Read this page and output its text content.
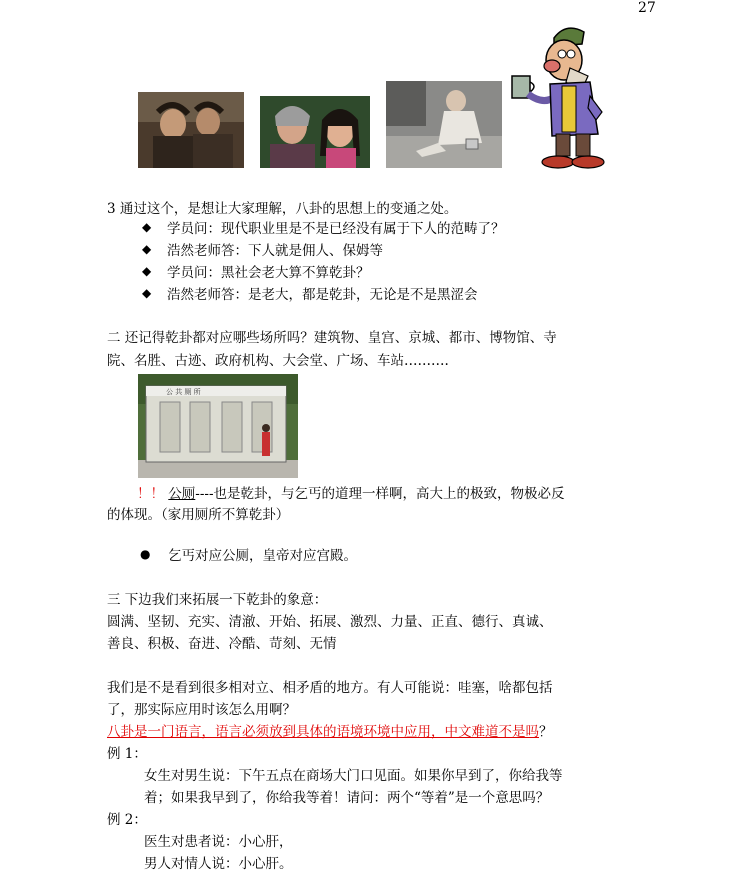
27
3 通过这个，是想让大家理解，八卦的思想上的变通之处。
◆	学员问：现代职业里是不是已经没有属于下人的范畴了？
◆	浩然老师答：下人就是佣人、保姆等
◆	学员问：黑社会老大算不算乾卦？
◆	浩然老师答：是老大，都是乾卦，无论是不是黑涩会
二 还记得乾卦都对应哪些场所吗？建筑物、皇宫、京城、都市、博物馆、寺
院、名胜、古迹、政府机构、大会堂、广场、车站……….
公 共 厕 所
！！ 公厕----也是乾卦，与乞丐的道理一样啊，高大上的极致，物极必反
的体现。（家用厕所不算乾卦）
● 乞丐对应公厕，皇帝对应宫殿。
三 下边我们来拓展一下乾卦的象意：
圆满、坚韧、充实、清澈、开始、拓展、激烈、力量、正直、德行、真诚、
善良、积极、奋进、冷酷、苛刻、无情
我们是不是看到很多相对立、相矛盾的地方。有人可能说：哇塞，啥都包括
了，那实际应用时该怎么用啊？
八卦是一门语言，语言必须放到具体的语境环境中应用，中文难道不是吗？
例 1：
女生对男生说：下午五点在商场大门口见面。如果你早到了，你给我等
着；如果我早到了，你给我等着！请问：两个“等着”是一个意思吗？
例 2：
医生对患者说：小心肝，
男人对情人说：小心肝。
